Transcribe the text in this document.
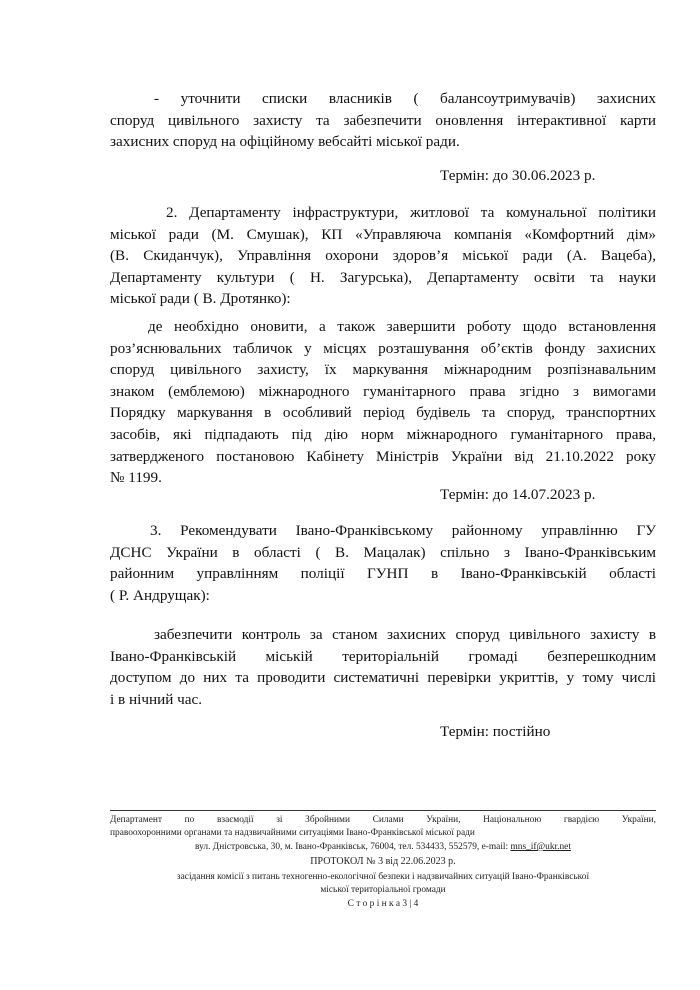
- уточнити списки власників ( балансоутримувачів) захисних
споруд цивільного захисту та забезпечити оновлення інтерактивної карти
захисних споруд на офіційному вебсайті міської ради.
Термін: до 30.06.2023 р.
2. Департаменту інфраструктури, житлової та комунальної політики
міської ради (М. Смушак), КП «Управляюча компанія «Комфортний дім»
(В. Скиданчук), Управління охорони здоров’я міської ради (А. Вацеба),
Департаменту культури ( Н. Загурська), Департаменту освіти та науки
міської ради ( В. Дротянко):
де необхідно оновити, а також завершити роботу щодо встановлення
роз’яснювальних табличок у місцях розташування об’єктів фонду захисних
споруд цивільного захисту, їх маркування міжнародним розпізнавальним
знаком (емблемою) міжнародного гуманітарного права згідно з вимогами
Порядку маркування в особливий період будівель та споруд, транспортних
засобів, які підпадають під дію норм міжнародного гуманітарного права,
затвердженого постановою Кабінету Міністрів України від 21.10.2022 року
№ 1199.
Термін: до 14.07.2023 р.
3. Рекомендувати Івано-Франківському районному управлінню ГУ
ДСНС України в області ( В. Мацалак) спільно з Івано-Франківським
районним управлінням поліції ГУНП в Івано-Франківській області
( Р. Андрущак):
забезпечити контроль за станом захисних споруд цивільного захисту в
Івано-Франківській міській територіальній громаді безперешкодним
доступом до них та проводити систематичні перевірки укриттів, у тому числі
і в нічний час.
Термін: постійно
Департамент по взаємодії зі Збройними Силами України, Національною гвардією України,
правоохоронними органами та надзвичайними ситуаціями Івано-Франківської міської ради
вул. Дністровська, 30, м. Івано-Франківськ, 76004, тел. 534433, 552579, e-mail: mns_if@ukr.net
ПРОТОКОЛ № 3 від 22.06.2023 р.
засідання комісії з питань техногенно-екологічної безпеки і надзвичайних ситуацій Івано-Франківської
міської територіальної громади
С т о р і н к а 3 | 4
